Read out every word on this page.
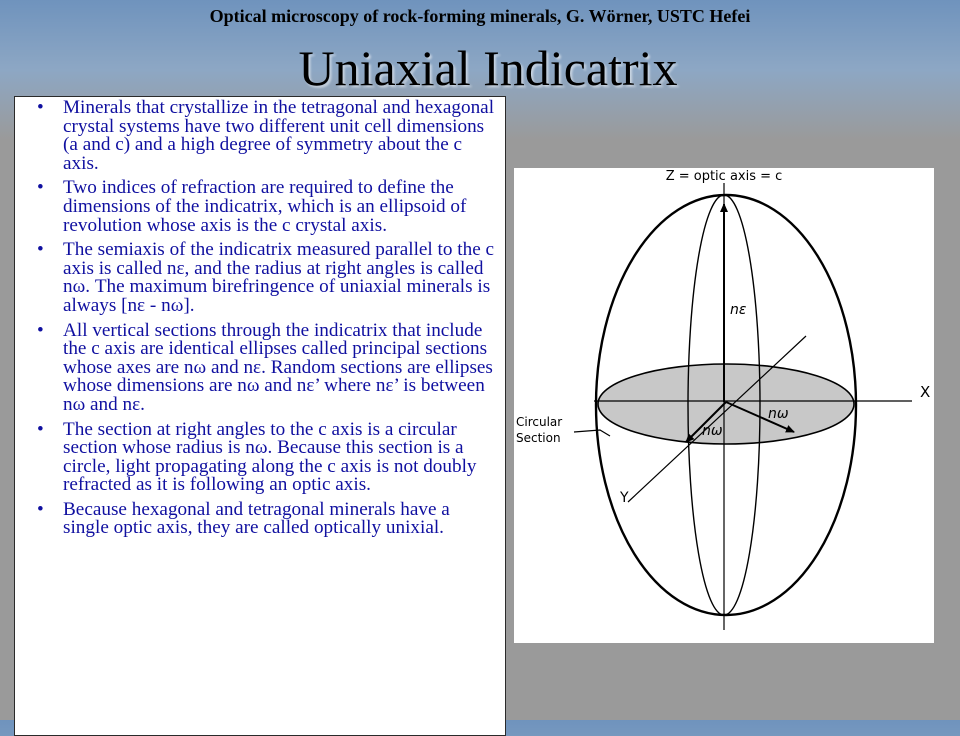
Optical microscopy of rock-forming minerals, G. Wörner, USTC Hefei
Uniaxial Indicatrix
• Minerals that crystallize in the tetragonal and hexagonal crystal systems have two different unit cell dimensions (a and c) and a high degree of symmetry about the c axis.
• Two indices of refraction are required to define the dimensions of the indicatrix, which is an ellipsoid of revolution whose axis is the c crystal axis.
• The semiaxis of the indicatrix measured parallel to the c axis is called nε, and the radius at right angles is called nω. The maximum birefringence of uniaxial minerals is always [nε - nω].
• All vertical sections through the indicatrix that include the c axis are identical ellipses called principal sections whose axes are nω and nε. Random sections are ellipses whose dimensions are nω and nε’ where nε’ is between nω and nε.
• The section at right angles to the c axis is a circular section whose radius is nω. Because this section is a circle, light propagating along the c axis is not doubly refracted as it is following an optic axis.
• Because hexagonal and tetragonal minerals have a single optic axis, they are called optically unixial.
Z = optic axis = c
X
Y
nε
nω
nω
Circular
Section
